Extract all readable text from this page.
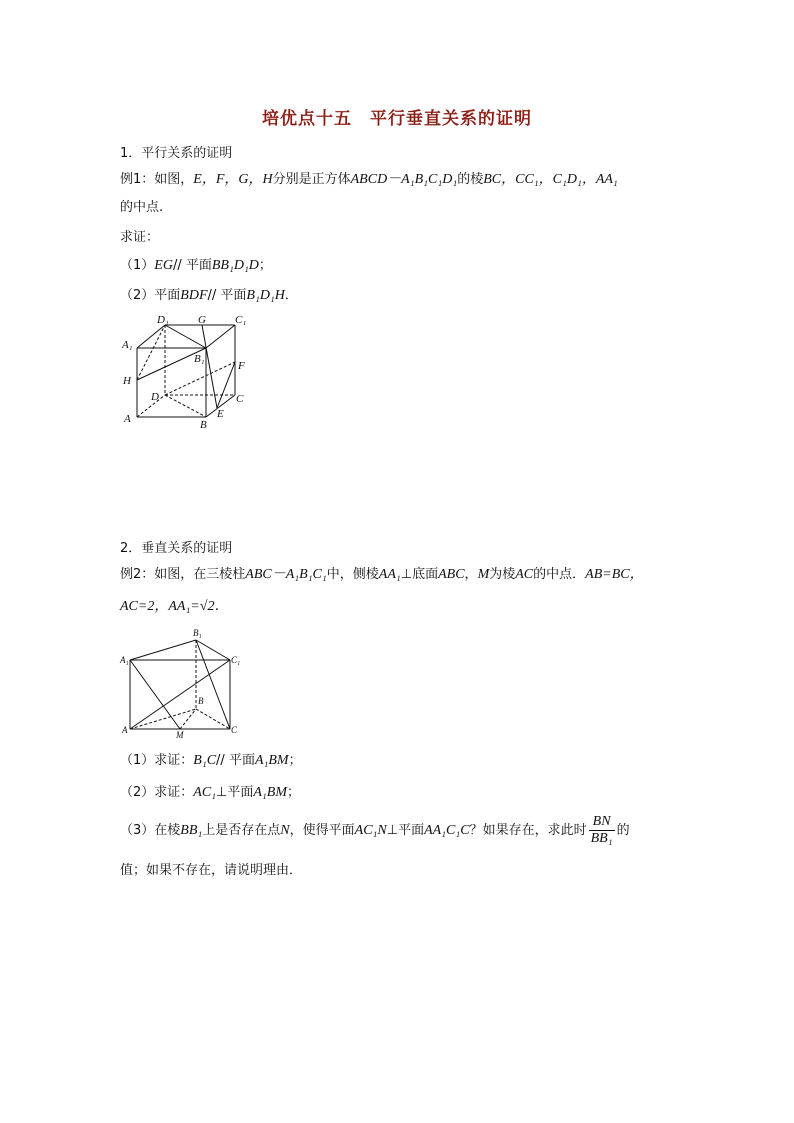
培优点十五　平行垂直关系的证明
1．平行关系的证明
例1：如图，E，F，G，H分别是正方体ABCD－A₁B₁C₁D₁的棱BC，CC₁，C₁D₁，AA₁
的中点.
求证：
（1）EG// 平面BB₁D₁D；
（2）平面BDF// 平面B₁D₁H．
D₁	G	C₁
A₁
B₁
H
F
D	C
E
A	B
2．垂直关系的证明
例2：如图，在三棱柱ABC－A₁B₁C₁中，侧棱AA₁⊥底面ABC，M为棱AC的中点．AB=BC，
AC=2，AA₁=√2．
B₁
A₁	C₁
B
A	M	C
（1）求证：B₁C// 平面A₁BM；
（2）求证：AC₁⊥平面A₁BM；
（3）在棱BB₁上是否存在点N，使得平面AC₁N⊥平面AA₁C₁C？如果存在，求此时 $\frac{BN}{\text{BB₁}}$ 的
值；如果不存在，请说明理由．
